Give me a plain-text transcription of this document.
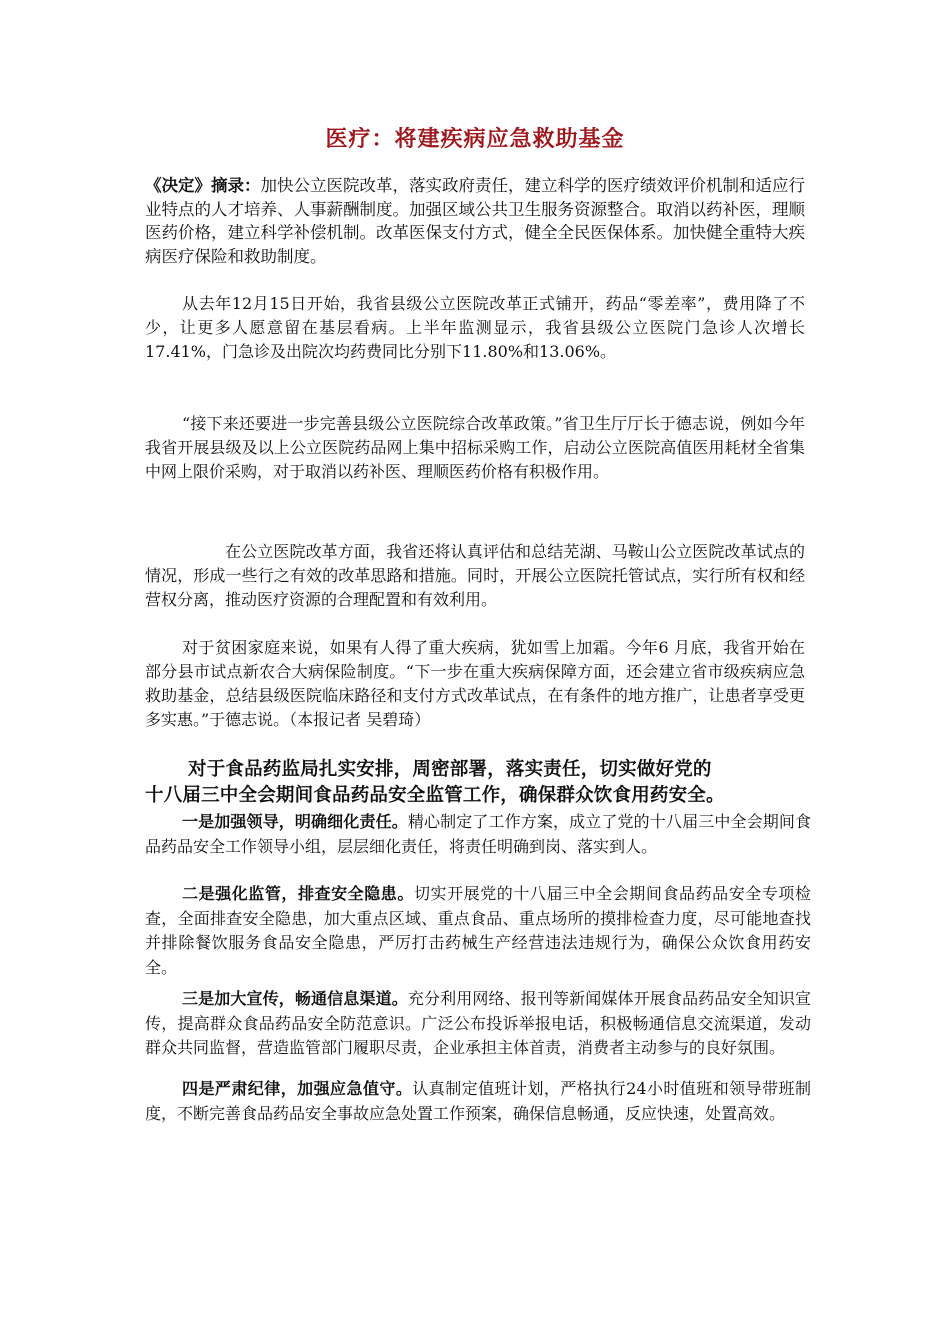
医疗：将建疾病应急救助基金
《决定》摘录：加快公立医院改革，落实政府责任，建立科学的医疗绩效评价机制和适应行业特点的人才培养、人事薪酬制度。加强区域公共卫生服务资源整合。取消以药补医，理顺医药价格，建立科学补偿机制。改革医保支付方式，健全全民医保体系。加快健全重特大疾病医疗保险和救助制度。
从去年12月15日开始，我省县级公立医院改革正式铺开，药品“零差率”，费用降了不少，让更多人愿意留在基层看病。上半年监测显示，我省县级公立医院门急诊人次增长17.41%，门急诊及出院次均药费同比分别下11.80%和13.06%。
“接下来还要进一步完善县级公立医院综合改革政策。”省卫生厅厅长于德志说，例如今年我省开展县级及以上公立医院药品网上集中招标采购工作，启动公立医院高值医用耗材全省集中网上限价采购，对于取消以药补医、理顺医药价格有积极作用。
在公立医院改革方面，我省还将认真评估和总结芜湖、马鞍山公立医院改革试点的情况，形成一些行之有效的改革思路和措施。同时，开展公立医院托管试点，实行所有权和经营权分离，推动医疗资源的合理配置和有效利用。
对于贫困家庭来说，如果有人得了重大疾病，犹如雪上加霜。今年6 月底，我省开始在部分县市试点新农合大病保险制度。“下一步在重大疾病保障方面，还会建立省市级疾病应急救助基金，总结县级医院临床路径和支付方式改革试点，在有条件的地方推广，让患者享受更多实惠。”于德志说。（本报记者 吴碧琦）
对于食品药监局扎实安排，周密部署，落实责任，切实做好党的
十八届三中全会期间食品药品安全监管工作，确保群众饮食用药安全。
一是加强领导，明确细化责任。精心制定了工作方案，成立了党的十八届三中全会期间食品药品安全工作领导小组，层层细化责任，将责任明确到岗、落实到人。
二是强化监管，排查安全隐患。切实开展党的十八届三中全会期间食品药品安全专项检查，全面排查安全隐患，加大重点区域、重点食品、重点场所的摸排检查力度，尽可能地查找并排除餐饮服务食品安全隐患，严厉打击药械生产经营违法违规行为，确保公众饮食用药安全。
三是加大宣传，畅通信息渠道。充分利用网络、报刊等新闻媒体开展食品药品安全知识宣传，提高群众食品药品安全防范意识。广泛公布投诉举报电话，积极畅通信息交流渠道，发动群众共同监督，营造监管部门履职尽责，企业承担主体首责，消费者主动参与的良好氛围。
四是严肃纪律，加强应急值守。认真制定值班计划，严格执行24小时值班和领导带班制度，不断完善食品药品安全事故应急处置工作预案，确保信息畅通，反应快速，处置高效。
